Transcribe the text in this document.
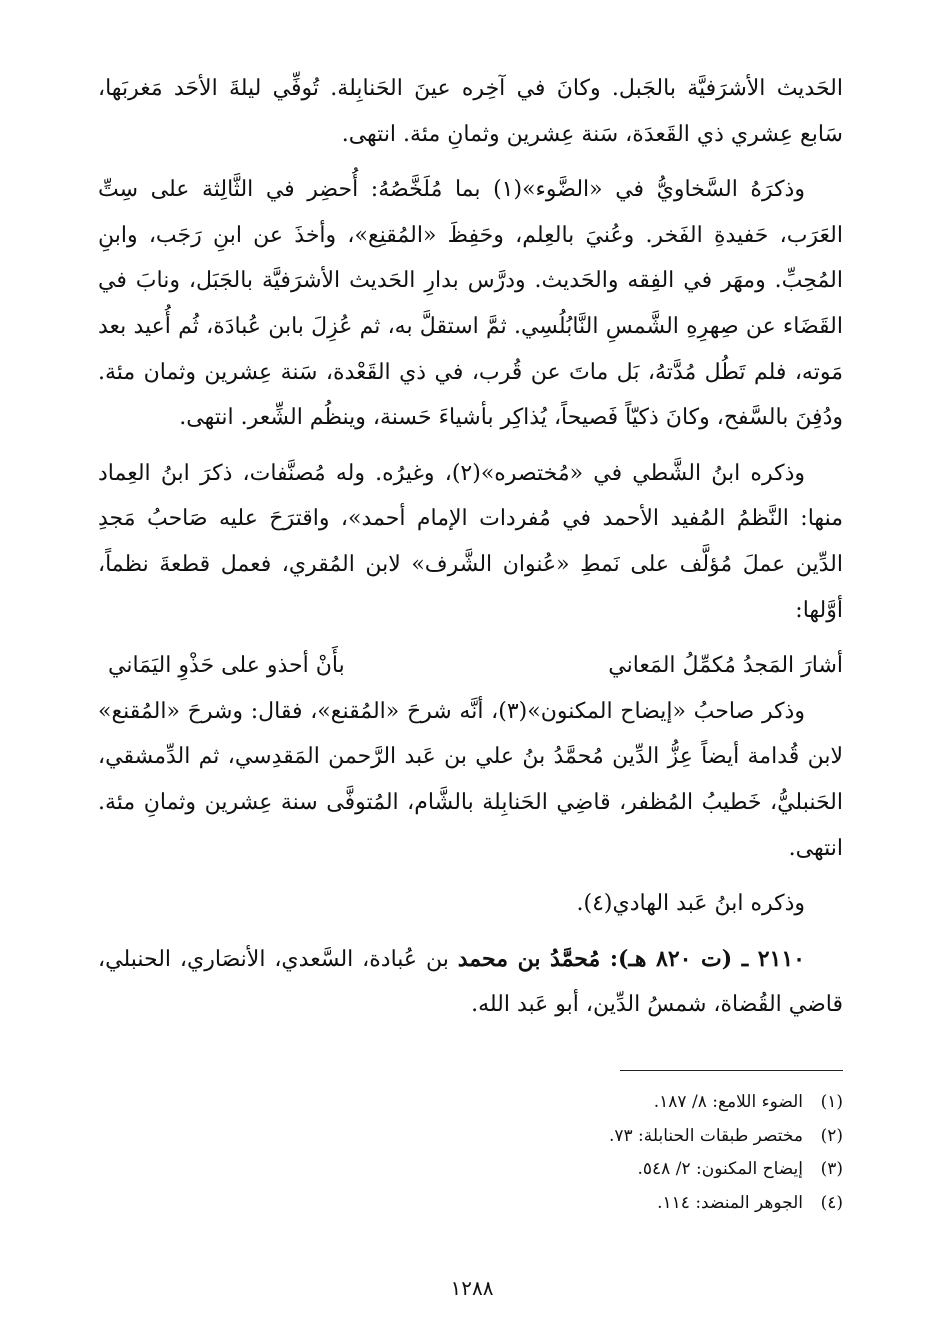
الحَديث الأشرَفيَّة بالجَبل. وكانَ في آخِره عينَ الحَنابِلة. تُوفِّي ليلةَ الأحَد مَغربَها، سَابع عِشري ذي القَعدَة، سَنة عِشرين وثمانِ مئة. انتهى.

وذكرَهُ السَّخاويُّ في «الضَّوء»(١) بما مُلَخَّصُهُ: أُحضِر في الثَّالِثة على سِتِّ العَرَب، حَفيدةِ الفَخر. وعُنيَ بالعِلم، وحَفِظَ «المُقنِع»، وأخذَ عن ابنِ رَجَب، وابنِ المُحِبِّ. ومهَر في الفِقه والحَديث. ودرَّس بدارِ الحَديث الأشرَفيَّة بالجَبَل، ونابَ في القَضَاء عن صِهرِهِ الشَّمسِ النَّابُلُسِي. ثمَّ استقلَّ به، ثم عُزِلَ بابن عُبادَة، ثُم أُعيد بعد مَوته، فلم تَطُل مُدَّتهُ، بَل ماتَ عن قُرب، في ذي القَعْدة، سَنة عِشرين وثمان مئة. ودُفِنَ بالسَّفح، وكانَ ذكيّاً فَصيحاً، يُذاكِر بأشياءَ حَسنة، وينظُم الشِّعر. انتهى.

وذكره ابنُ الشَّطي في «مُختصره»(٢)، وغيرُه. وله مُصنَّفات، ذكرَ ابنُ العِماد منها: النَّظمُ المُفيد الأحمد في مُفردات الإمام أحمد»، واقترَحَ عليه صَاحبُ مَجدِ الدِّين عملَ مُؤلَّف على نَمطِ «عُنوان الشَّرف» لابن المُقري، فعمل قطعةَ نظماً، أوَّلها:

أشارَ المَجدُ مُكمِّلُ المَعاني
بأَنْ أحذو على حَذْوِ اليَمَاني

وذكر صاحبُ «إيضاح المكنون»(٣)، أنَّه شرحَ «المُقنع»، فقال: وشرحَ «المُقنع» لابن قُدامة أيضاً عِزُّ الدِّين مُحمَّدُ بنُ علي بن عَبد الرَّحمن المَقدِسي، ثم الدِّمشقي، الحَنبليُّ، خَطيبُ المُظفر، قاضِي الحَنابِلة بالشَّام، المُتوفَّى سنة عِشرين وثمانِ مئة. انتهى.

وذكره ابنُ عَبد الهادي(٤).

٢١١٠ ـ (ت ٨٢٠ هـ): مُحمَّدُ بن محمد بن عُبادة، السَّعدي، الأنصَاري، الحنبلي، قاضي القُضاة، شمسُ الدِّين، أبو عَبد الله.

(١)الضوء اللامع: ٨/ ١٨٧.

(٢)مختصر طبقات الحنابلة: ٧٣.

(٣)إيضاح المكنون: ٢/ ٥٤٨.

(٤)الجوهر المنضد: ١١٤.

١٢٨٨
